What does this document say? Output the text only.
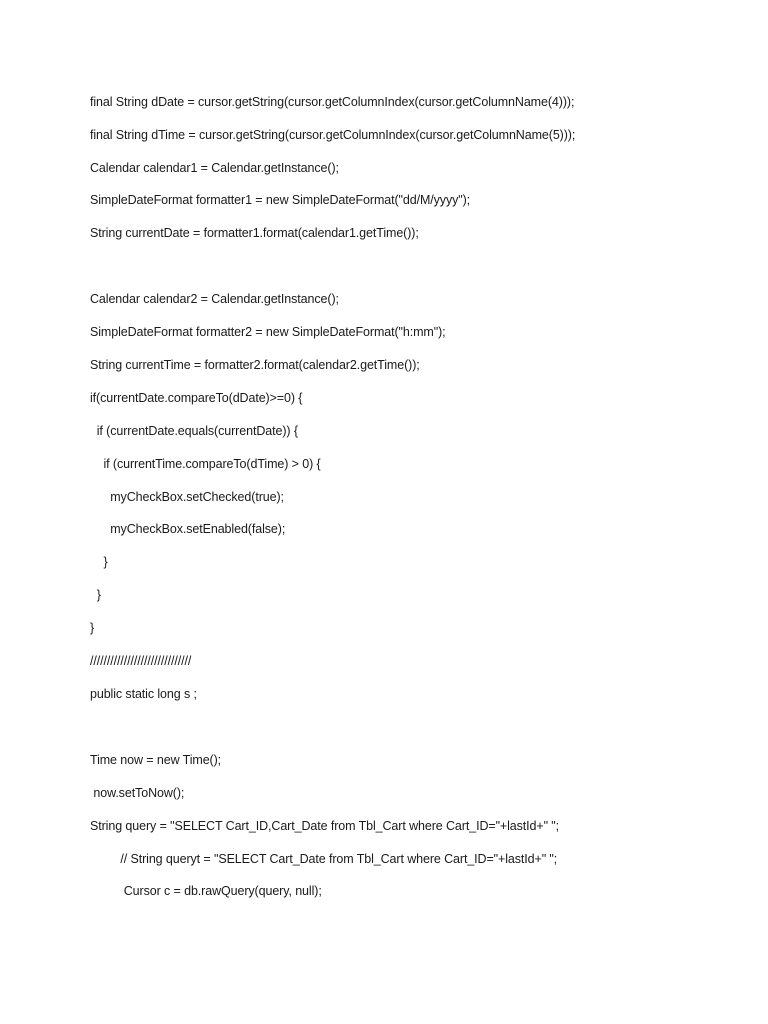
final String dDate = cursor.getString(cursor.getColumnIndex(cursor.getColumnName(4)));

final String dTime = cursor.getString(cursor.getColumnIndex(cursor.getColumnName(5)));

Calendar calendar1 = Calendar.getInstance();

SimpleDateFormat formatter1 = new SimpleDateFormat("dd/M/yyyy");

String currentDate = formatter1.format(calendar1.getTime());

Calendar calendar2 = Calendar.getInstance();

SimpleDateFormat formatter2 = new SimpleDateFormat("h:mm");

String currentTime = formatter2.format(calendar2.getTime());

if(currentDate.compareTo(dDate)>=0) {

if (currentDate.equals(currentDate)) {

if (currentTime.compareTo(dTime) > 0) {

myCheckBox.setChecked(true);

myCheckBox.setEnabled(false);

}

}

}

//////////////////////////////

public static long s ;

Time now = new Time();

now.setToNow();

String query = "SELECT Cart_ID,Cart_Date from Tbl_Cart where Cart_ID="+lastId+" ";

// String queryt = "SELECT Cart_Date from Tbl_Cart where Cart_ID="+lastId+" ";

Cursor c = db.rawQuery(query, null);
